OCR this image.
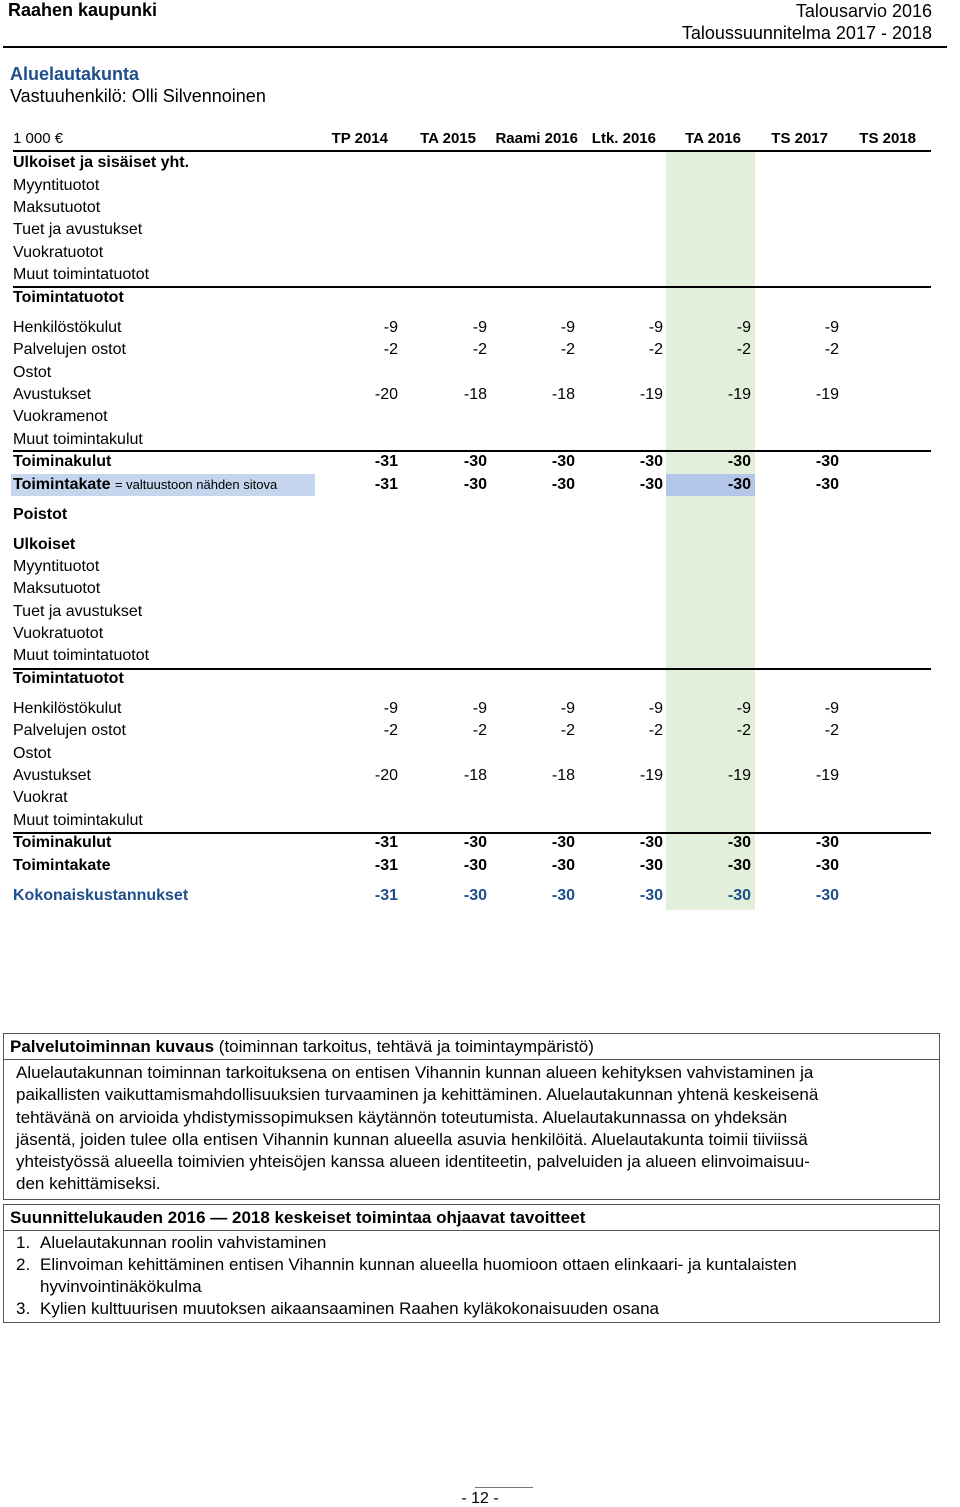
Raahen kaupunki	Talousarvio 2016
Taloussuunnitelma 2017 - 2018
Aluelautakunta
Vastuuhenkilö: Olli Silvennoinen
1 000 €	TP 2014	TA 2015	Raami 2016 Ltk. 2016	TA 2016	TS 2017	TS 2018
Ulkoiset ja sisäiset yht.
Myyntituotot
Maksutuotot
Tuet ja avustukset
Vuokratuotot
Muut toimintatuotot
Toimintatuotot
Henkilöstökulut	-9	-9	-9	-9	-9	-9
Palvelujen ostot	-2	-2	-2	-2	-2	-2
Ostot
Avustukset	-20	-18	-18	-19	-19	-19
Vuokramenot
Muut toimintakulut
Toiminakulut	-31	-30	-30	-30	-30	-30
Toimintakate = valtuustoon nähden sitova	-31	-30	-30	-30	-30	-30
Poistot
Ulkoiset
Myyntituotot
Maksutuotot
Tuet ja avustukset
Vuokratuotot
Muut toimintatuotot
Toimintatuotot
Henkilöstökulut	-9	-9	-9	-9	-9	-9
Palvelujen ostot	-2	-2	-2	-2	-2	-2
Ostot
Avustukset	-20	-18	-18	-19	-19	-19
Vuokrat
Muut toimintakulut
Toiminakulut	-31	-30	-30	-30	-30	-30
Toimintakate	-31	-30	-30	-30	-30	-30
Kokonaiskustannukset	-31	-30	-30	-30	-30	-30
Palvelutoiminnan kuvaus (toiminnan tarkoitus, tehtävä ja toimintaympäristö)
Aluelautakunnan toiminnan tarkoituksena on entisen Vihannin kunnan alueen kehityksen vahvistaminen ja
paikallisten vaikuttamismahdollisuuksien turvaaminen ja kehittäminen. Aluelautakunnan yhtenä keskeisenä
tehtävänä on arvioida yhdistymissopimuksen käytännön toteutumista. Aluelautakunnassa on yhdeksän
jäsentä, joiden tulee olla entisen Vihannin kunnan alueella asuvia henkilöitä. Aluelautakunta toimii tiiviissä
yhteistyössä alueella toimivien yhteisöjen kanssa alueen identiteetin, palveluiden ja alueen elinvoimaisuu-
den kehittämiseksi.
Suunnittelukauden 2016 — 2018 keskeiset toimintaa ohjaavat tavoitteet
1. Aluelautakunnan roolin vahvistaminen
2. Elinvoiman kehittäminen entisen Vihannin kunnan alueella huomioon ottaen elinkaari- ja kuntalaisten
hyvinvointinäkökulma
3. Kylien kulttuurisen muutoksen aikaansaaminen Raahen kyläkokonaisuuden osana
- 12 -
